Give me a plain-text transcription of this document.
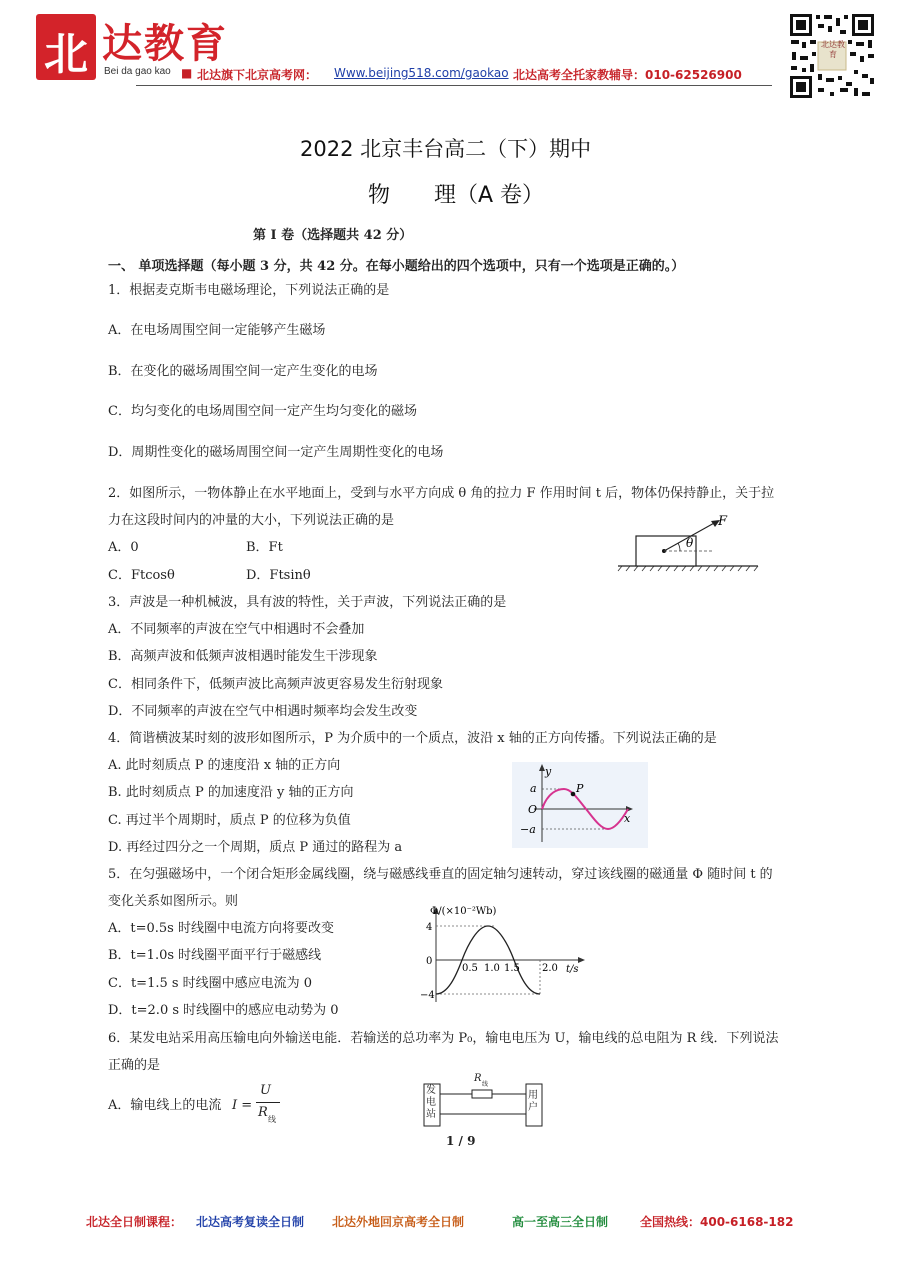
北 达教育
Bei da gao kao ■ 北达旗下北京高考网： Www.beijing518.com/gaokao 北达高考全托家教辅导：010-62526900
北达教育
2022 北京丰台高二（下）期中
物　　理（A 卷）
第 I 卷（选择题共 42 分）
一、 单项选择题（每小题 3 分，共 42 分。在每小题给出的四个选项中，只有一个选项是正确的。）
1．根据麦克斯韦电磁场理论，下列说法正确的是
A．在电场周围空间一定能够产生磁场
B．在变化的磁场周围空间一定产生变化的电场
C．均匀变化的电场周围空间一定产生均匀变化的磁场
D．周期性变化的磁场周围空间一定产生周期性变化的电场
2．如图所示，一物体静止在水平地面上，受到与水平方向成 θ 角的拉力 F 作用时间 t 后，物体仍保持静止，关于拉
力在这段时间内的冲量的大小，下列说法正确的是
A．0	B．Ft
C．Ftcosθ	D．Ftsinθ
F
θ
3．声波是一种机械波，具有波的特性，关于声波，下列说法正确的是
A．不同频率的声波在空气中相遇时不会叠加
B．高频声波和低频声波相遇时能发生干涉现象
C．相同条件下，低频声波比高频声波更容易发生衍射现象
D．不同频率的声波在空气中相遇时频率均会发生改变
4．简谐横波某时刻的波形如图所示，P 为介质中的一个质点，波沿 x 轴的正方向传播。下列说法正确的是
A. 此时刻质点 P 的速度沿 x 轴的正方向
B. 此时刻质点 P 的加速度沿 y 轴的正方向
C. 再过半个周期时，质点 P 的位移为负值
D. 再经过四分之一个周期，质点 P 通过的路程为 a
y
a
O
−a
x
P
5．在匀强磁场中，一个闭合矩形金属线圈，绕与磁感线垂直的固定轴匀速转动，穿过该线圈的磁通量 Φ 随时间 t 的
变化关系如图所示。则
A．t=0.5s 时线圈中电流方向将要改变
B．t=1.0s 时线圈平面平行于磁感线
C．t=1.5 s 时线圈中感应电流为 0
D．t=2.0 s 时线圈中的感应电动势为 0
Φ/(×10⁻²Wb)
4
0
−4
0.5 1.0 1.5 2.0 t/s
6．某发电站采用高压输电向外输送电能．若输送的总功率为 P₀，输电电压为 U，输电线的总电阻为 R 线．下列说法
正确的是
A．输电线上的电流 I =
U
R 线
发电站
用户
R
线
1 / 9
北达全日制课程： 北达高考复读全日制 北达外地回京高考全日制	高一至高三全日制	全国热线：400-6168-182
